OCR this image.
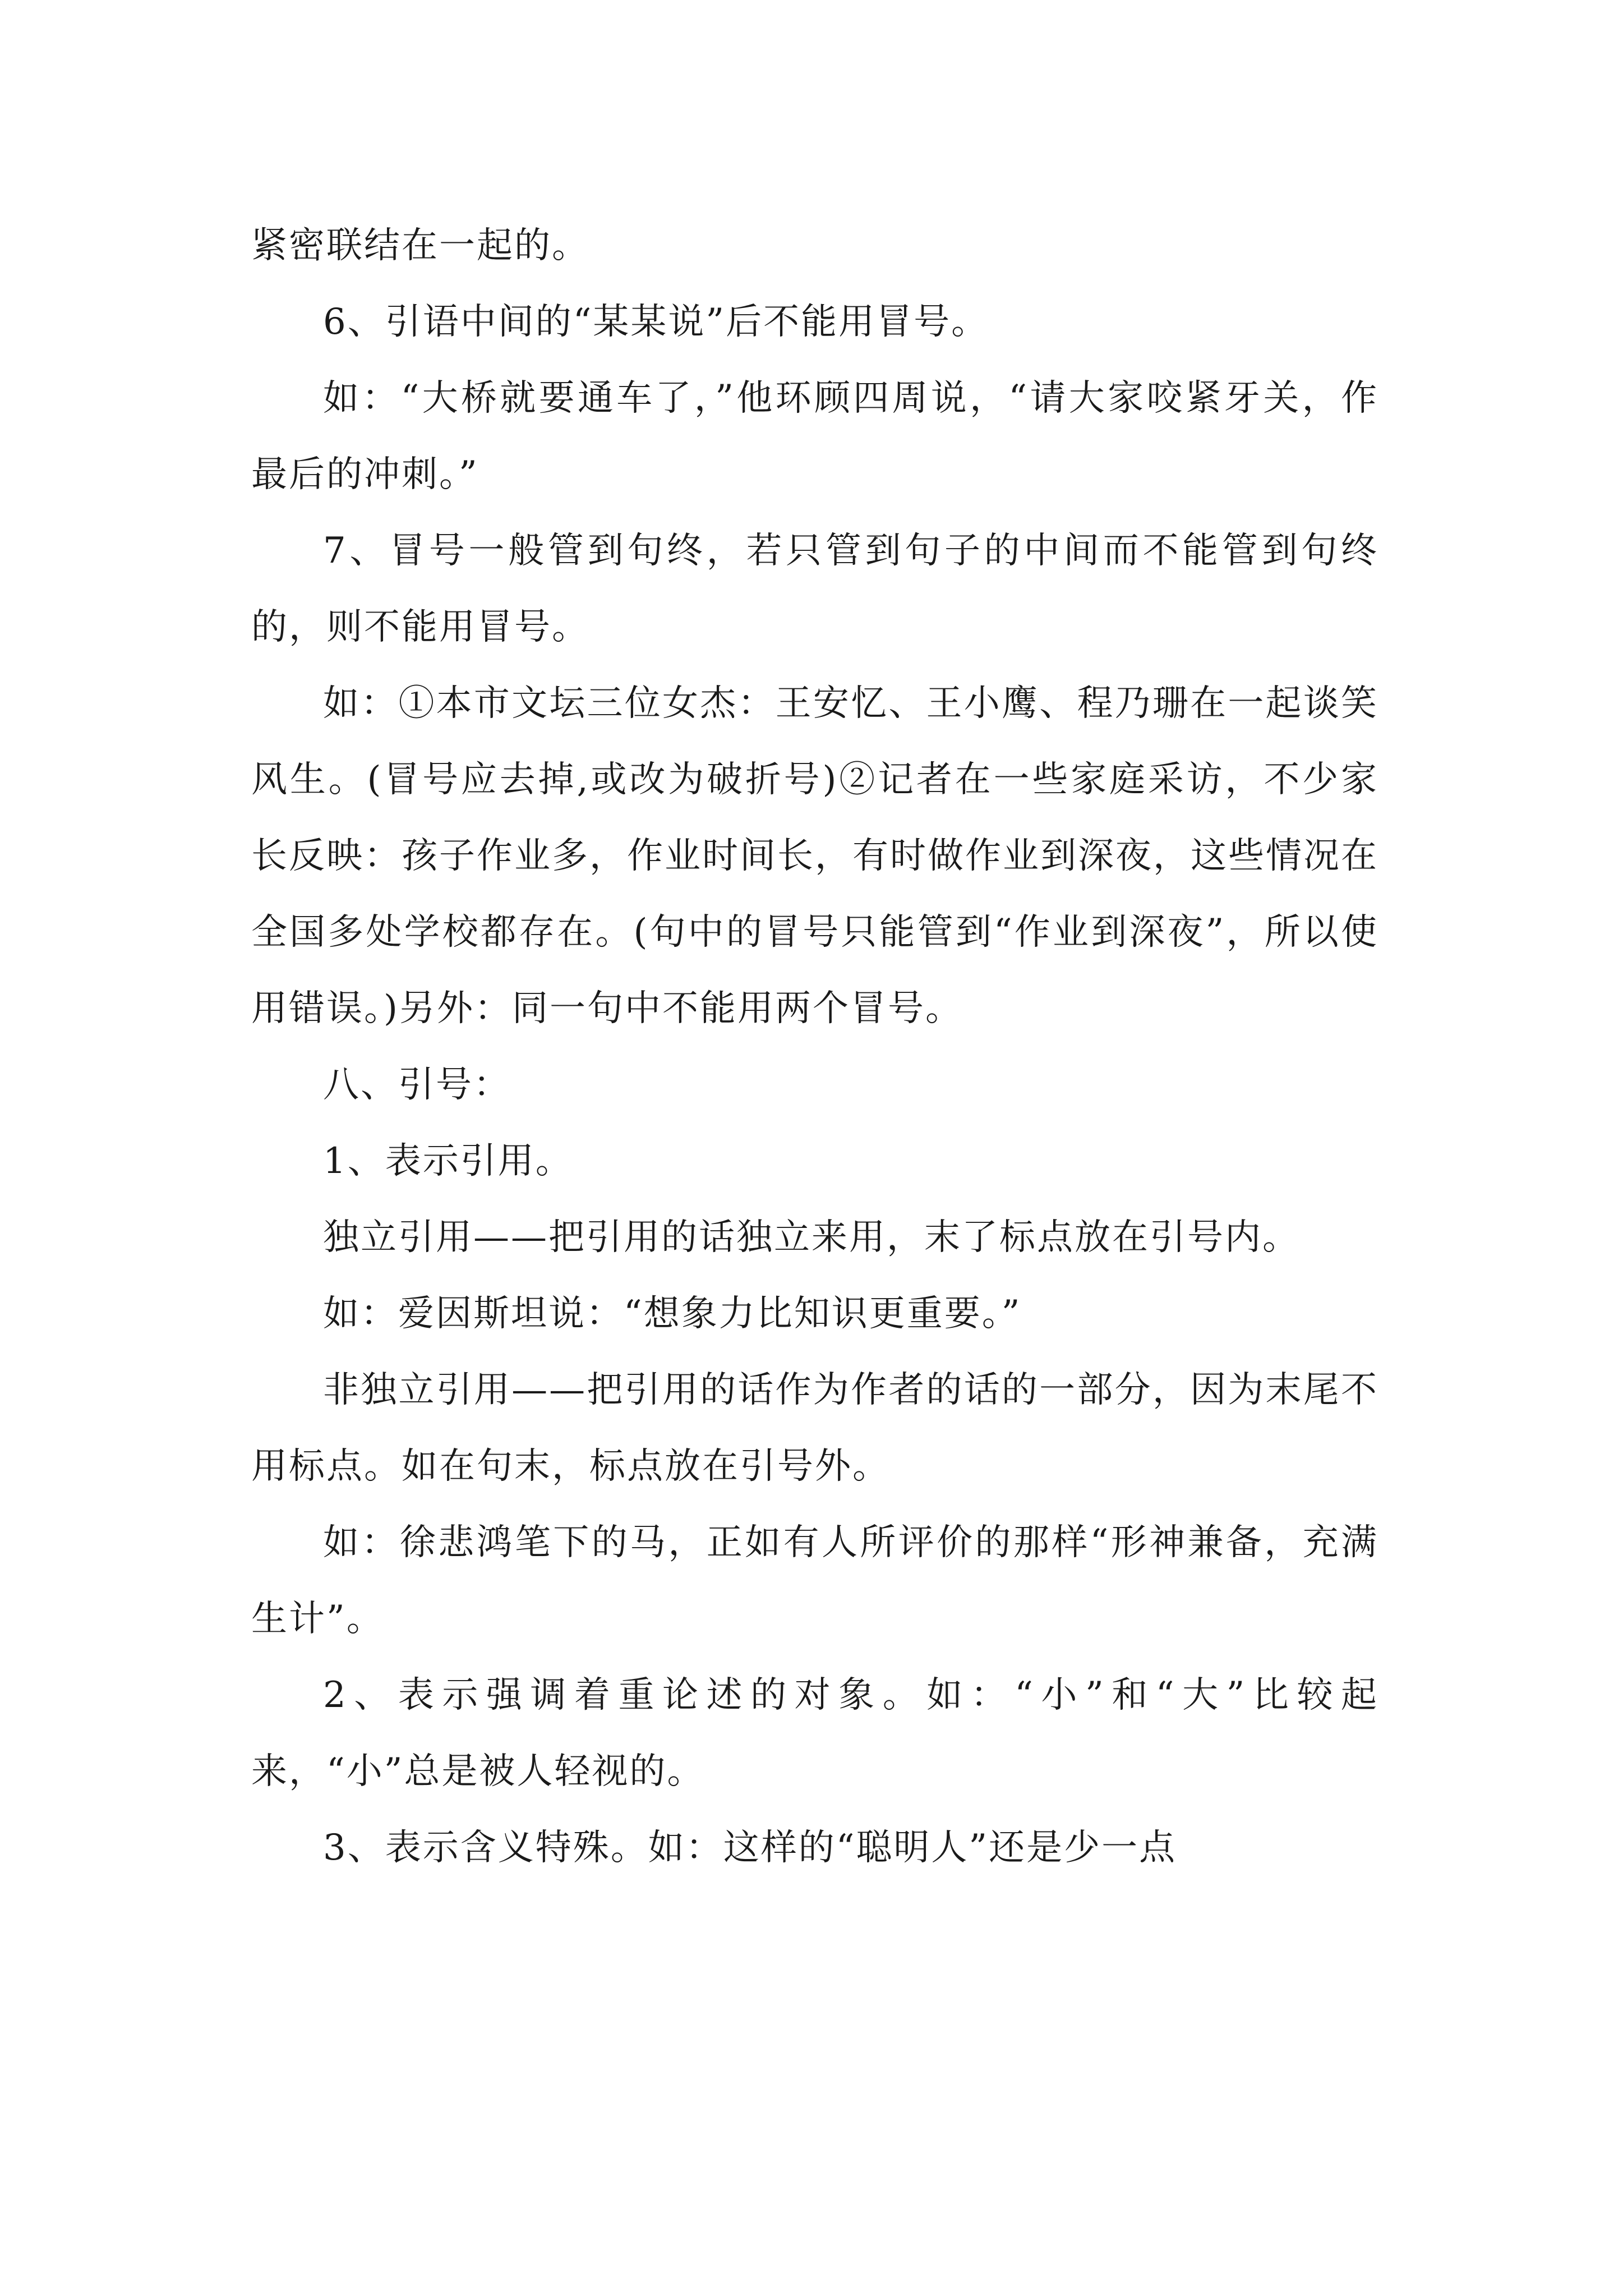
紧密联结在一起的。

6、引语中间的“某某说”后不能用冒号。

如：“大桥就要通车了，”他环顾四周说，“请大家咬紧牙关，作最后的冲刺。”

7、冒号一般管到句终，若只管到句子的中间而不能管到句终的，则不能用冒号。

如：①本市文坛三位女杰：王安忆、王小鹰、程乃珊在一起谈笑风生。(冒号应去掉,或改为破折号)②记者在一些家庭采访，不少家长反映：孩子作业多，作业时间长，有时做作业到深夜，这些情况在全国多处学校都存在。(句中的冒号只能管到“作业到深夜”，所以使用错误。)另外：同一句中不能用两个冒号。

八、引号：

1、表示引用。

独立引用——把引用的话独立来用，末了标点放在引号内。

如：爱因斯坦说：“想象力比知识更重要。”

非独立引用——把引用的话作为作者的话的一部分，因为末尾不用标点。如在句末，标点放在引号外。

如：徐悲鸿笔下的马，正如有人所评价的那样“形神兼备，充满生计”。

2、表示强调着重论述的对象。如：“小”和“大”比较起来，“小”总是被人轻视的。

3、表示含义特殊。如：这样的“聪明人”还是少一点
